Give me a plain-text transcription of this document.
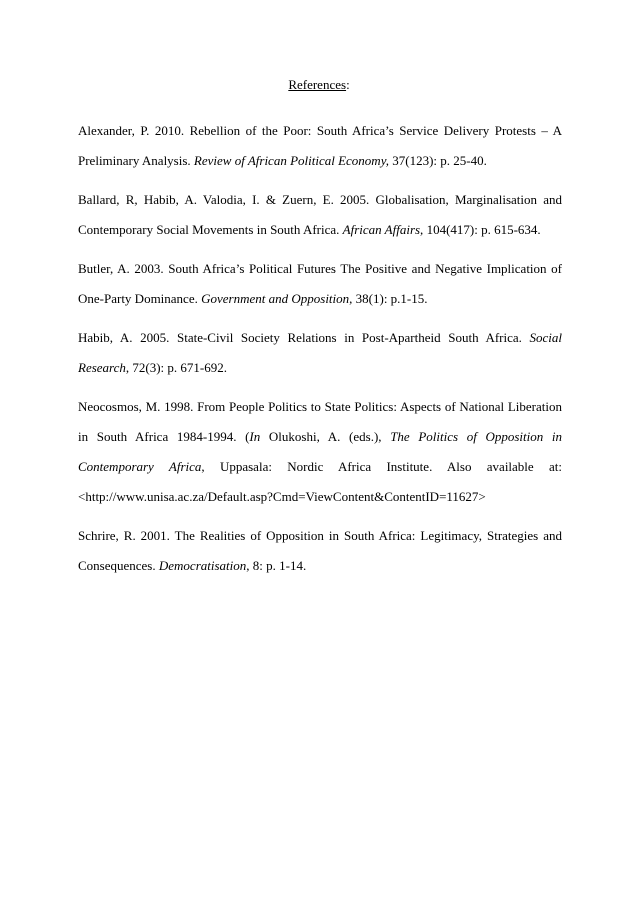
References:
Alexander, P. 2010. Rebellion of the Poor: South Africa’s Service Delivery Protests – A
Preliminary Analysis. Review of African Political Economy, 37(123): p. 25-40.
Ballard, R, Habib, A. Valodia, I. & Zuern, E. 2005. Globalisation, Marginalisation and
Contemporary Social Movements in South Africa. African Affairs, 104(417): p. 615-634.
Butler, A. 2003. South Africa’s Political Futures The Positive and Negative Implication of
One-Party Dominance. Government and Opposition, 38(1): p.1-15.
Habib, A. 2005. State-Civil Society Relations in Post-Apartheid South Africa. Social
Research, 72(3): p. 671-692.
Neocosmos, M. 1998. From People Politics to State Politics: Aspects of National Liberation
in South Africa 1984-1994. (In Olukoshi, A. (eds.), The Politics of Opposition in
Contemporary Africa, Uppasala: Nordic Africa Institute. Also available at:
<http://www.unisa.ac.za/Default.asp?Cmd=ViewContent&ContentID=11627>
Schrire, R. 2001. The Realities of Opposition in South Africa: Legitimacy, Strategies and
Consequences. Democratisation, 8: p. 1-14.
